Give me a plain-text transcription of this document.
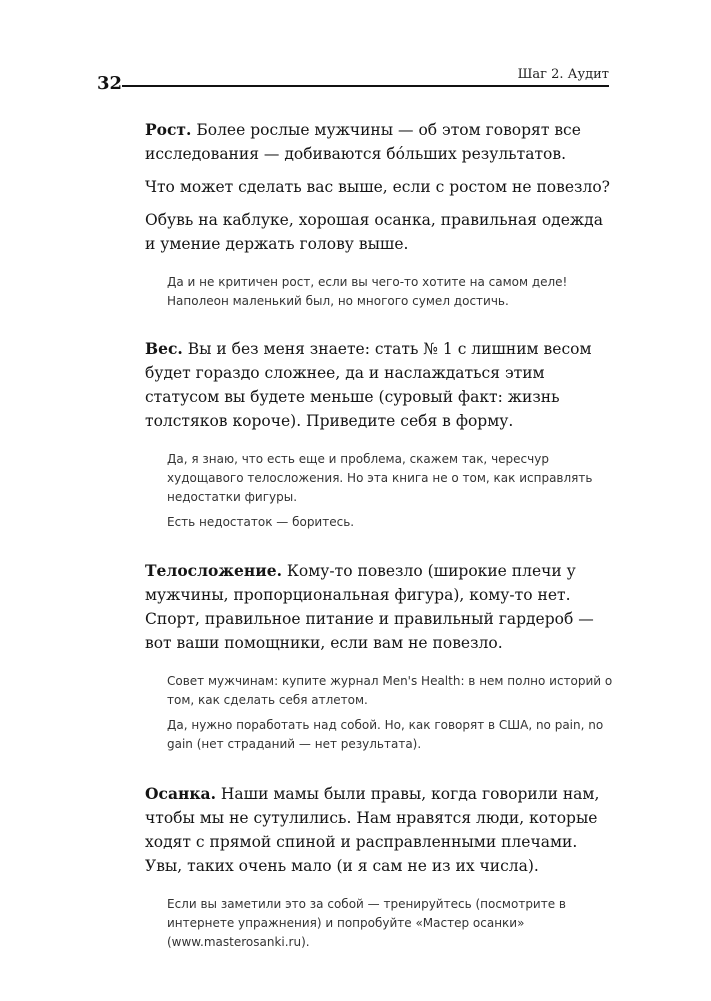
32	Шаг 2. Аудит

Рост. Более рослые мужчины — об этом говорят все исследования — добиваются бо́льших результатов.

Что может сделать вас выше, если с ростом не повезло?

Обувь на каблуке, хорошая осанка, правильная одежда и умение держать голову выше.

Да и не критичен рост, если вы чего-то хотите на самом деле! Наполеон маленький был, но многого сумел достичь.

Вес. Вы и без меня знаете: стать № 1 с лишним весом будет гораздо сложнее, да и наслаждаться этим статусом вы будете меньше (суровый факт: жизнь толстяков короче). Приведите себя в форму.

Да, я знаю, что есть еще и проблема, скажем так, чересчур худощавого телосложения. Но эта книга не о том, как исправлять недостатки фигуры.

Есть недостаток — боритесь.

Телосложение. Кому-то повезло (широкие плечи у мужчины, пропорциональная фигура), кому-то нет. Спорт, правильное питание и правильный гардероб — вот ваши помощники, если вам не повезло.

Совет мужчинам: купите журнал Men's Health: в нем полно историй о том, как сделать себя атлетом.

Да, нужно поработать над собой. Но, как говорят в США, no pain, no gain (нет страданий — нет результата).

Осанка. Наши мамы были правы, когда говорили нам, чтобы мы не сутулились. Нам нравятся люди, которые ходят с прямой спиной и расправленными плечами. Увы, таких очень мало (и я сам не из их числа).

Если вы заметили это за собой — тренируйтесь (посмотрите в интернете упражнения) и попробуйте «Мастер осанки» (www.masterosanki.ru).
